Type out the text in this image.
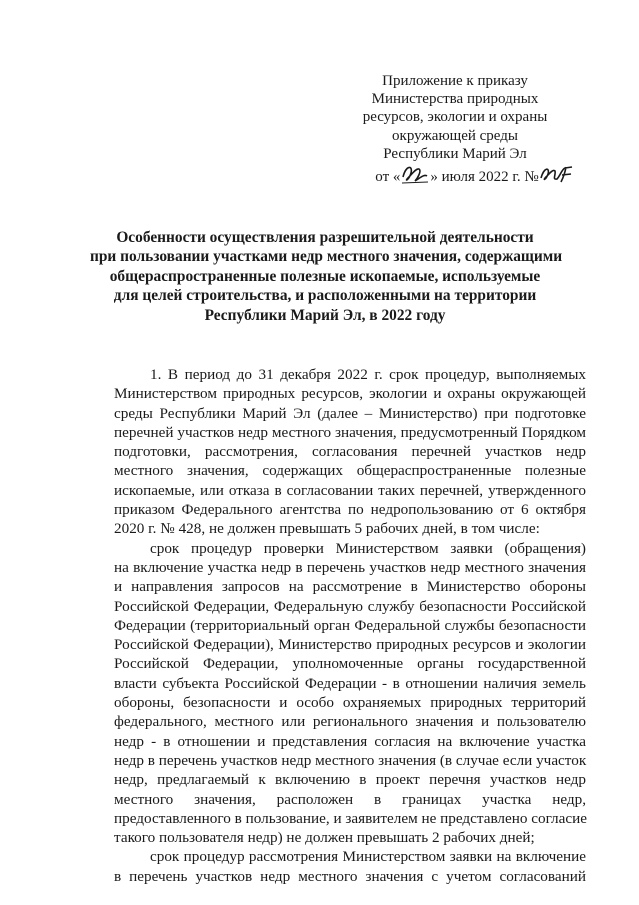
Приложение к приказу
Министерства природных
ресурсов, экологии и охраны
окружающей среды
Республики Марий Эл
от « » июля 2022 г. №
Особенности осуществления разрешительной деятельности
при пользовании участками недр местного значения, содержащими
общераспространенные полезные ископаемые, используемые
для целей строительства, и расположенными на территории
Республики Марий Эл, в 2022 году
1. В период до 31 декабря 2022 г. срок процедур, выполняемых
Министерством природных ресурсов, экологии и охраны окружающей
среды Республики Марий Эл (далее – Министерство) при подготовке
перечней участков недр местного значения, предусмотренный Порядком
подготовки, рассмотрения, согласования перечней участков недр
местного значения, содержащих общераспространенные полезные
ископаемые, или отказа в согласовании таких перечней, утвержденного
приказом Федерального агентства по недропользованию от 6 октября
2020 г. № 428, не должен превышать 5 рабочих дней, в том числе:
срок процедур проверки Министерством заявки (обращения)
на включение участка недр в перечень участков недр местного значения
и направления запросов на рассмотрение в Министерство обороны
Российской Федерации, Федеральную службу безопасности Российской
Федерации (территориальный орган Федеральной службы безопасности
Российской Федерации), Министерство природных ресурсов и экологии
Российской Федерации, уполномоченные органы государственной
власти субъекта Российской Федерации - в отношении наличия земель
обороны, безопасности и особо охраняемых природных территорий
федерального, местного или регионального значения и пользователю
недр - в отношении и представления согласия на включение участка
недр в перечень участков недр местного значения (в случае если участок
недр, предлагаемый к включению в проект перечня участков недр
местного значения, расположен в границах участка недр,
предоставленного в пользование, и заявителем не представлено согласие
такого пользователя недр) не должен превышать 2 рабочих дней;
срок процедур рассмотрения Министерством заявки на включение
в перечень участков недр местного значения с учетом согласований
